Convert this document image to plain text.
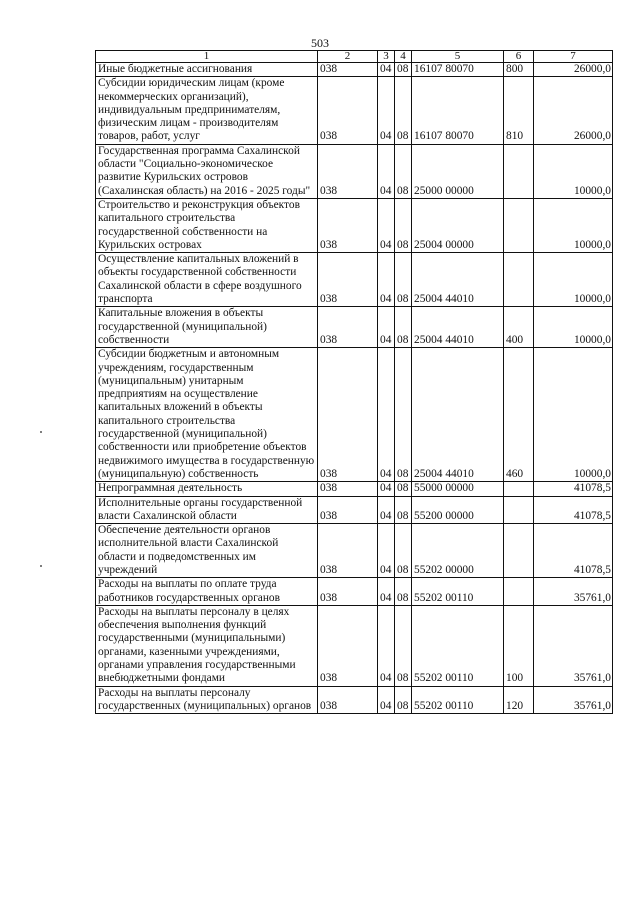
503
1	2	3	4	5	6	7
Иные бюджетные ассигнования	038	04	08	16107 80070	800	26000,0
Субсидии юридическим лицам (кроме некоммерческих организаций), индивидуальным предпринимателям, физическим лицам - производителям товаров, работ, услуг	038	04	08	16107 80070	810	26000,0
Государственная программа Сахалинской области "Социально-экономическое развитие Курильских островов (Сахалинская область) на 2016 - 2025 годы"	038	04	08	25000 00000		10000,0
Строительство и реконструкция объектов капитального строительства государственной собственности на Курильских островах	038	04	08	25004 00000		10000,0
Осуществление капитальных вложений в объекты государственной собственности Сахалинской области в сфере воздушного транспорта	038	04	08	25004 44010		10000,0
Капитальные вложения в объекты государственной (муниципальной) собственности	038	04	08	25004 44010	400	10000,0
Субсидии бюджетным и автономным учреждениям, государственным (муниципальным) унитарным предприятиям на осуществление капитальных вложений в объекты капитального строительства государственной (муниципальной) собственности или приобретение объектов недвижимого имущества в государственную (муниципальную) собственность	038	04	08	25004 44010	460	10000,0
Непрограммная деятельность	038	04	08	55000 00000		41078,5
Исполнительные органы государственной власти Сахалинской области	038	04	08	55200 00000		41078,5
Обеспечение деятельности органов исполнительной власти Сахалинской области и подведомственных им учреждений	038	04	08	55202 00000		41078,5
Расходы на выплаты по оплате труда работников государственных органов	038	04	08	55202 00110		35761,0
Расходы на выплаты персоналу в целях обеспечения выполнения функций государственными (муниципальными) органами, казенными учреждениями, органами управления государственными внебюджетными фондами	038	04	08	55202 00110	100	35761,0
Расходы на выплаты персоналу государственных (муниципальных) органов	038	04	08	55202 00110	120	35761,0
